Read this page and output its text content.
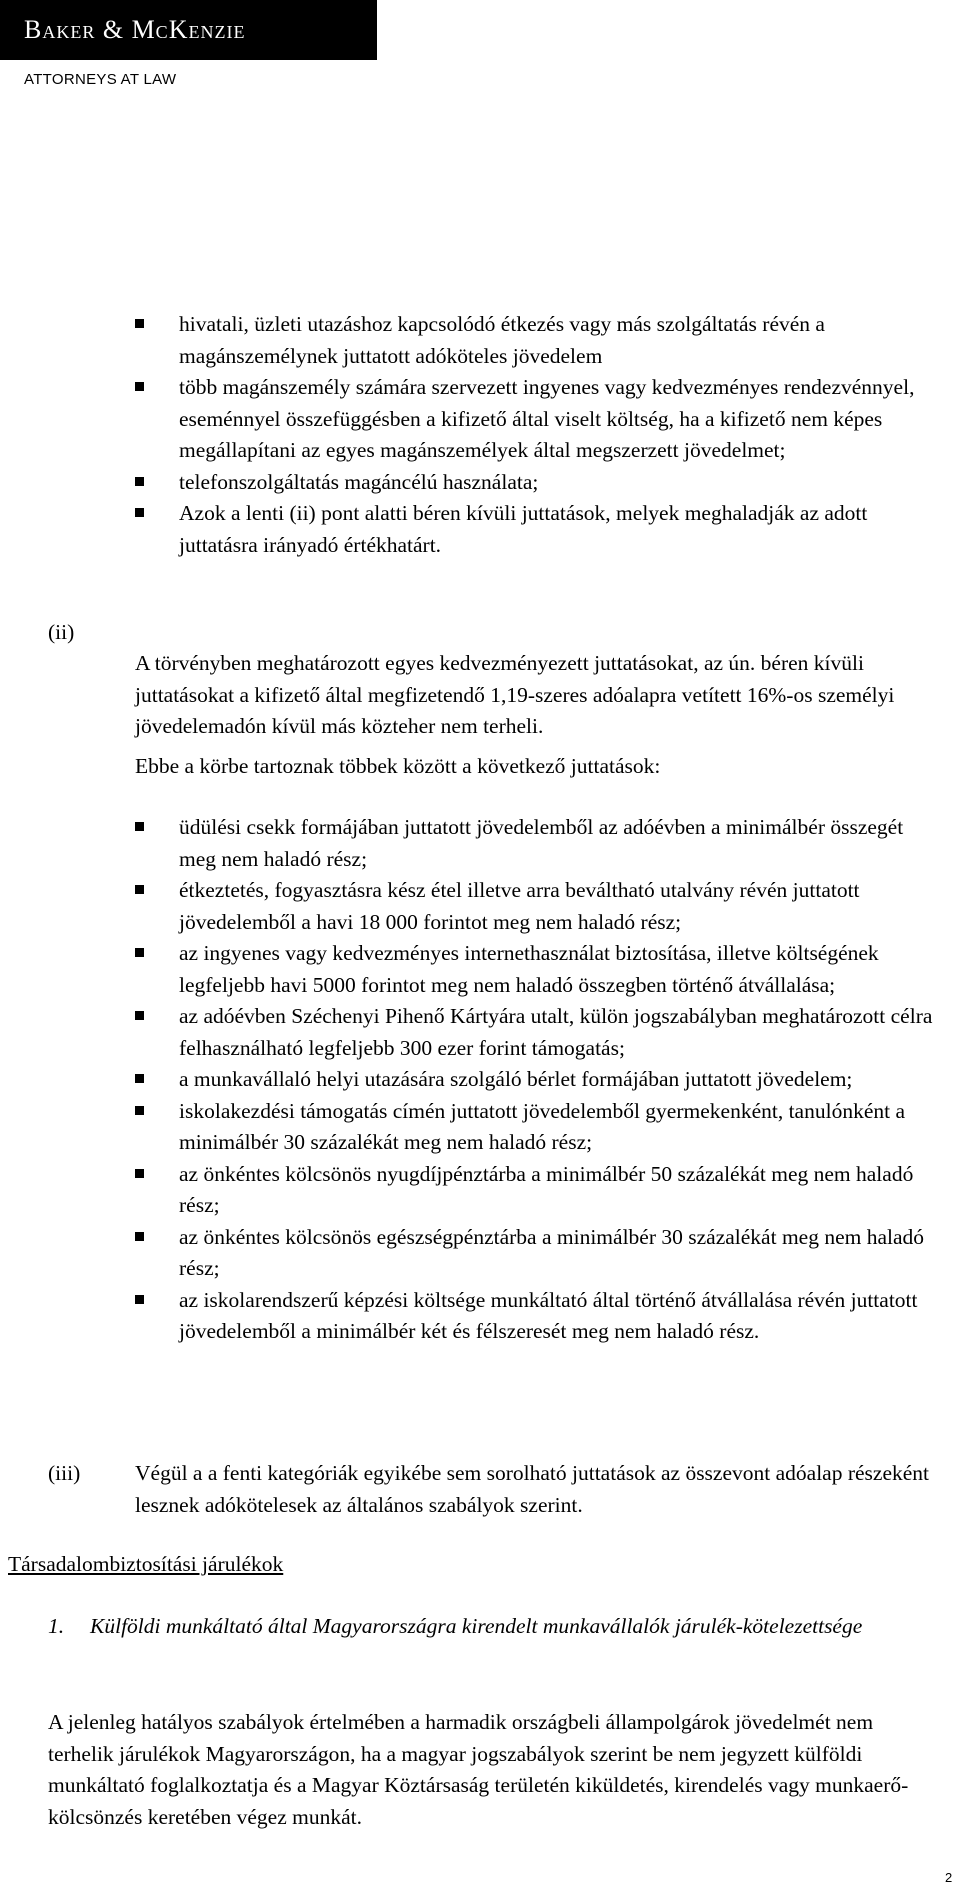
Baker & McKenzie
ATTORNEYS AT LAW
hivatali, üzleti utazáshoz kapcsolódó étkezés vagy más szolgáltatás révén a magánszemélynek juttatott adóköteles jövedelem
több magánszemély számára szervezett ingyenes vagy kedvezményes rendezvénnyel, eseménnyel összefüggésben a kifizető által viselt költség, ha a kifizető nem képes megállapítani az egyes magánszemélyek által megszerzett jövedelmet;
telefonszolgáltatás magáncélú használata;
Azok a lenti (ii) pont alatti béren kívüli juttatások, melyek meghaladják az adott juttatásra irányadó értékhatárt.
(ii)
A törvényben meghatározott egyes kedvezményezett juttatásokat, az ún. béren kívüli juttatásokat a kifizető által megfizetendő 1,19-szeres adóalapra vetített 16%-os személyi jövedelemadón kívül más közteher nem terheli.
Ebbe a körbe tartoznak többek között a következő juttatások:
üdülési csekk formájában juttatott jövedelemből az adóévben a minimálbér összegét meg nem haladó rész;
étkeztetés, fogyasztásra kész étel illetve arra beváltható utalvány révén juttatott jövedelemből a havi 18 000 forintot meg nem haladó rész;
az ingyenes vagy kedvezményes internethasználat biztosítása, illetve költségének legfeljebb havi 5000 forintot meg nem haladó összegben történő átvállalása;
az adóévben Széchenyi Pihenő Kártyára utalt, külön jogszabályban meghatározott célra felhasználható legfeljebb 300 ezer forint támogatás;
a munkavállaló helyi utazására szolgáló bérlet formájában juttatott jövedelem;
iskolakezdési támogatás címén juttatott jövedelemből gyermekenként, tanulónként a minimálbér 30 százalékát meg nem haladó rész;
az önkéntes kölcsönös nyugdíjpénztárba a minimálbér 50 százalékát meg nem haladó rész;
az önkéntes kölcsönös egészségpénztárba a minimálbér 30 százalékát meg nem haladó rész;
az iskolarendszerű képzési költsége munkáltató által történő átvállalása révén juttatott jövedelemből a minimálbér két és félszeresét meg nem haladó rész.
(iii)	Végül a a fenti kategóriák egyikébe sem sorolható juttatások az összevont adóalap részeként lesznek adókötelesek az általános szabályok szerint.
Társadalombiztosítási járulékok
1.	Külföldi munkáltató által Magyarországra kirendelt munkavállalók járulék-kötelezettsége
A jelenleg hatályos szabályok értelmében a harmadik országbeli állampolgárok jövedelmét nem terhelik járulékok Magyarországon, ha a magyar jogszabályok szerint be nem jegyzett külföldi munkáltató foglalkoztatja és a Magyar Köztársaság területén kiküldetés, kirendelés vagy munkaerő-kölcsönzés keretében végez munkát.
2
